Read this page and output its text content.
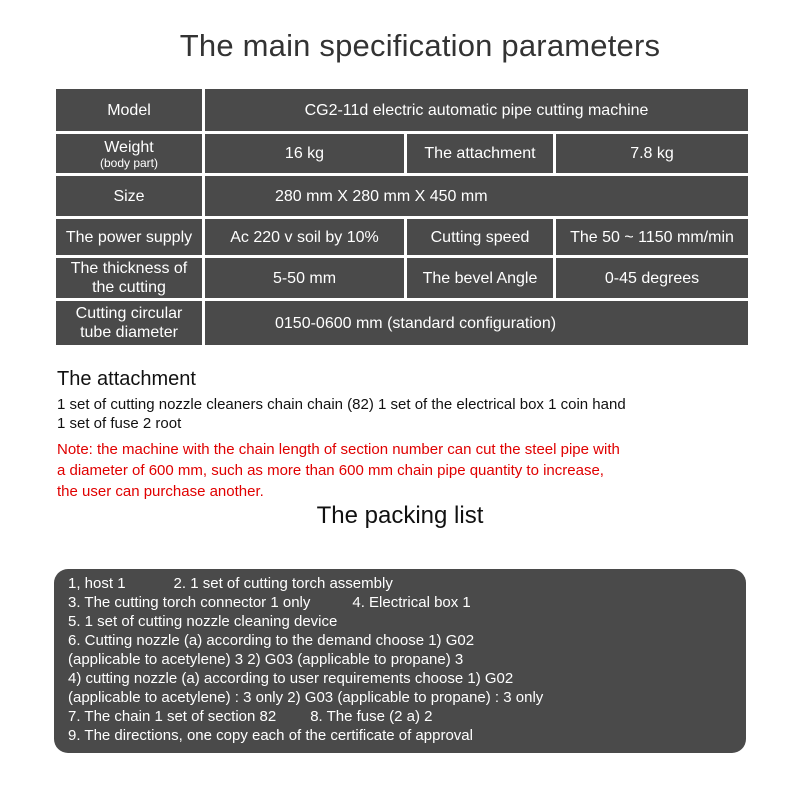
The main specification parameters
Model	CG2-11d electric automatic pipe cutting machine		

Weight
(body part)	16 kg	The attachment	7.8 kg
Size	280 mm X 280 mm X 450 mm		
The power supply	Ac 220 v soil by 10%	Cutting speed	The 50 ~ 1150 mm/min

The thickness of
the cutting	5-50 mm	The bevel Angle	0-45 degrees

Cutting circular
tube diameter	0150-0600 mm (standard configuration)		
The attachment
1 set of cutting nozzle cleaners chain chain (82) 1 set of the electrical box 1 coin hand
1 set of fuse 2 root
Note: the machine with the chain length of section number can cut the steel pipe with
a diameter of 600 mm, such as more than 600 mm chain pipe quantity to increase,
the user can purchase another.
The packing list
1, host 1	2. 1 set of cutting torch assembly
3. The cutting torch connector 1 only	4. Electrical box 1
5. 1 set of cutting nozzle cleaning device
6. Cutting nozzle (a) according to the demand choose 1) G02
(applicable to acetylene) 3 2) G03 (applicable to propane) 3
4) cutting nozzle (a) according to user requirements choose 1) G02
(applicable to acetylene) : 3 only 2) G03 (applicable to propane) : 3 only
7. The chain 1 set of section 82 8. The fuse (2 a) 2
9. The directions, one copy each of the certificate of approval
